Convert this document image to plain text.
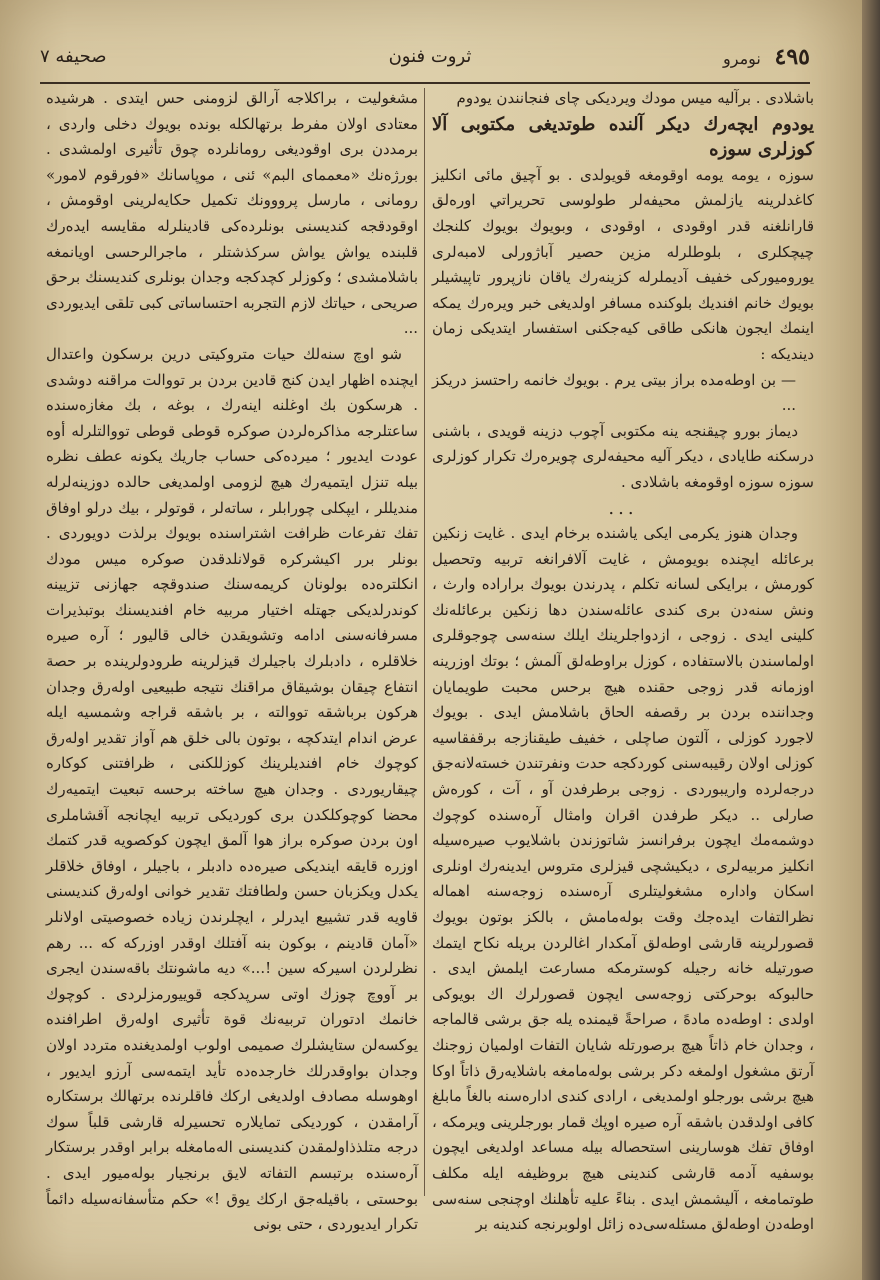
٤٩٥ نومرو
ثروت فنون
صحيفه ٧

باشلادى . برآليه ميس مودك ويرديكى چاى فنجانندن يودوم

يودوم ايچەرك ديكر آلنده طوتديغى مكتوبى آلا كوزلرى سوزه

سوزه ، يومه يومه اوقومغه قويولدى . بو آچيق مائى انكليز كاغدلرينه يازلمش محيفه‌لر طولوسى تحريراتي اورەلق قارانلغنه قدر اوقودى ، اوقودى ، وبويوك بويوك كلنجك چيچكلرى ، بلوطلرله مزين حصير آباژورلى لامبه‌لرى يوروميوركى خفيف آديملرله كزينه‌رك ياقان نازپرور تاپيشيلر بويوك خانم افنديك بلوكنده مسافر اولديغى خبر ويرەرك يمكه اينمك ايجون هانكى طاقى كيەجكنى استفسار ايتديكى زمان دينديكه :

— بن اوطه‌مده براز بيتى يرم . بويوك خانمه راحتسز دريكز ...

ديماز بورو چيقنجه ينه مكتوبى آچوب دزينه قويدى ، باشنى درسكنه طايادى ، ديكر آليه محيفه‌لرى چويرەرك تكرار كوزلرى سوزه سوزه اوقومغه باشلادى .

...

وجدان هنوز يكرمى ايكى ياشنده برخام ايدى . غايت زنكين برعائله ايچنده بويومش ، غايت آلافرانغه تربيه وتحصيل كورمش ، برايكى لسانه تكلم ، پدرندن بويوك براراده وارث ، ونش سنه‌دن برى كندى عائله‌سندن دها زنكين برعائله‌نك كلينى ايدى . زوجى ، ازدواجلرينك ايلك سنه‌سى چوجوقلرى اولماسندن بالاستفاده ، كوزل براوطه‌لق آلمش ؛ بوتك اوزرينه اوزمانه قدر زوجى حقنده هيچ برحس محبت طويمايان وجداننده بردن بر رقصفه الحاق باشلامش ايدى . بويوك لاجورد كوزلى ، آلتون صاچلى ، خفيف طيقنازجه برقفقاسيه كوزلى اولان رقيبه‌سنى كوردكجه حدت ونفرتندن خسته‌لانه‌جق درجه‌لرده واريبوردى . زوجى برطرفدن آو ، آت ، كورەش صارلى .. ديكر طرفدن اقران وامثال آره‌سنده كوچوك دوشمه‌مك ايچون برفرانسز شاتوزندن باشلايوب صيره‌سيله انكليز مربيه‌لرى ، ديكيشچى قيزلرى متروس ايدينه‌رك اونلرى اسكان واداره مشغوليتلرى آره‌سنده زوجه‌سنه اهماله نظرالتفات ايدەجك وقت بولەمامش ، بالكز بوتون بويوك قصورلرينه قارشى اوطه‌لق آمكدار اغالردن بريله نكاح ايتمك صورتيله خانه رجيله كوسترمكه مسارعت ايلمش ايدى . حالبوكه بوحركتى زوجه‌سى ايچون قصورلرك اك بويوكى اولدى : اوطه‌ده ماده‌ً ، صراحةً قيمنده يله جق برشى قالماجه ، وجدان خام ذاتاً هيچ برصورتله شايان التفات اولميان زوجنك آرتق مشغول اولمغه دكر برشى بولەمامغه باشلايەرق ذاتاً اوكا هيچ برشى بورجلو اولمديغى ، ارادى كندى اداره‌سنه بالغاً مابلغ كافى اولدقدن باشقه آره صيره اوپك قمار بورجلرينى ويرمكه ، اوفاق تفك هوسارينى استحصاله بيله مساعد اولديغى ايچون بوسفيه آدمه قارشى كندينى هيچ بروظيفه ايله مكلف طوتمامغه ، آليشمش ايدى . بناءً عليه تأهلنك اوچنجى سنه‌سى اوطه‌دن اوطه‌لق مسئله‌سى‌ده زائل اولوبرنجه كندينه بر

مشغوليت ، براكلاجه آرالق لزومنى حس ايتدى . هرشيده معتادى اولان مفرط برتهالكله بونده بويوك دخلى واردى ، برمددن برى اوقوديغى رومانلرده چوق تأثيرى اولمشدى . بورژەنك «معمماى البم‌» ئنى ، موپاسانك «فورقوم لامور» رومانى ، مارسل پرووونك تكميل حكايه‌لرينى اوقومش ، اوقودقجه كنديسنى بونلرده‌كى قادينلرله مقايسه ايدەرك قلبنده يواش يواش سركذشتلر ، ماجرالرحسى اويانمغه باشلامشدى ؛ وكوزلر كچدكجه وجدان بونلرى كنديسنك برحق صريحى ، حياتك لازم التجربه احتساساتى كبى تلقى ايديوردى ...

شو اوچ سنه‌لك حيات متروكيتى درين برسكون واعتدال ايچنده اظهار ايدن كنج قادين بردن بر تووالت مراقنه دوشدى . هرسكون بك اوغلنه اينه‌رك ، بوغه ، بك مغازه‌سنده ساعتلرجه مذاكره‌لردن صوكره قوطى قوطى تووالتلرله أوه عودت ايديور ؛ ميرده‌كى حساب جاريك يكونه عطف نظره بيله تنزل ايتميەرك هيچ لزومى اولمديغى حالده دوزينه‌لرله منديللر ، ايپكلى چورابلر ، ساتەلر ، قوتولر ، بيك درلو اوفاق تفك تفرعات ظرافت اشتراسنده بويوك برلذت دويوردى . بونلر برر اكيشرکره قولانلدقدن صوكره ميس مودك انكلتره‌ده بولونان كريمه‌سنك صندوقچه جهازنى تزيينه كوندرلديكى جهتله اختيار مربيه خام افنديسنك بوتبذيرات مسرفانه‌سنى ادامه وتشويقدن خالى قاليور ؛ آره صيره خلاقلره ، دادبلرك باجيلرك قيزلرينه طرودولرينده بر حصة انتفاع چيقان بوشيقاق مراقنك نتيجه‌ طبيعيى اولەرق وجدان هركون برباشقه تووالته ، بر باشقه قراجه وشمسيه ايله عرض اندام ايتدكچه ، بوتون بالى خلق هم آواز تقدير اولەرق كوچوك خام افنديلرينك كوزللكنى ، ظرافتنى كوكاره چيقاريوردى . وجدان هيچ ساخته برحسه تبعيت ايتميەرك محضا كوچوكلكدن برى كورديكى تربيه ايچانجه آقشاملرى اون بردن صوكره براز هوا آلمق ايچون كوكصويه قدر كتمك اوزره قايقه اينديكى صيره‌ده دادبلر ، باجيلر ، اوفاق خلاقلر يكدل ويكزبان حسن ولطافتك تقدير خوانى اولەرق كنديسنى قاويه قدر تشييع ايدرلر ، ايچلرندن زياده خصوصيتى اولانلر «آمان قادينم ، بوكون بنه آفتلك اوقدر اوزركه كه ... رهم نظرلردن اسيركه سين !...» ديه ماشونتك باقه‌سندن ايجرى بر آووچ چوزك اوتى سرپدكجه قوييورمزلردى . كوچوك خانمك ادتوران تربيه‌نك قوة تأثيرى اولەرق اطرافنده يوكسه‌لن ستايشلرك صميمى اولوب اولمديغنده متردد اولان وجدان بواوقدرلك خارجده‌ده تأيد ايتمه‌سى آرزو ايديور ، اوهوسله مصادف اولديغى اركك فاقلرنده برتهالك برستكاره آرامقدن ، كورديكى تمايلاره تحسيرله قارشى قلباً سوك درجه متلذذاولمقدن كنديسنى الەمامغله برابر اوقدر برستكار آره‌سنده برتبسم التفاته لايق برنجيار بوله‌ميور ايدى . بوحستى ، باقيلەجق اركك يوق !» حكم متأسفانه‌سيله دائماً تكرار ايديوردى ، حتى بونى
